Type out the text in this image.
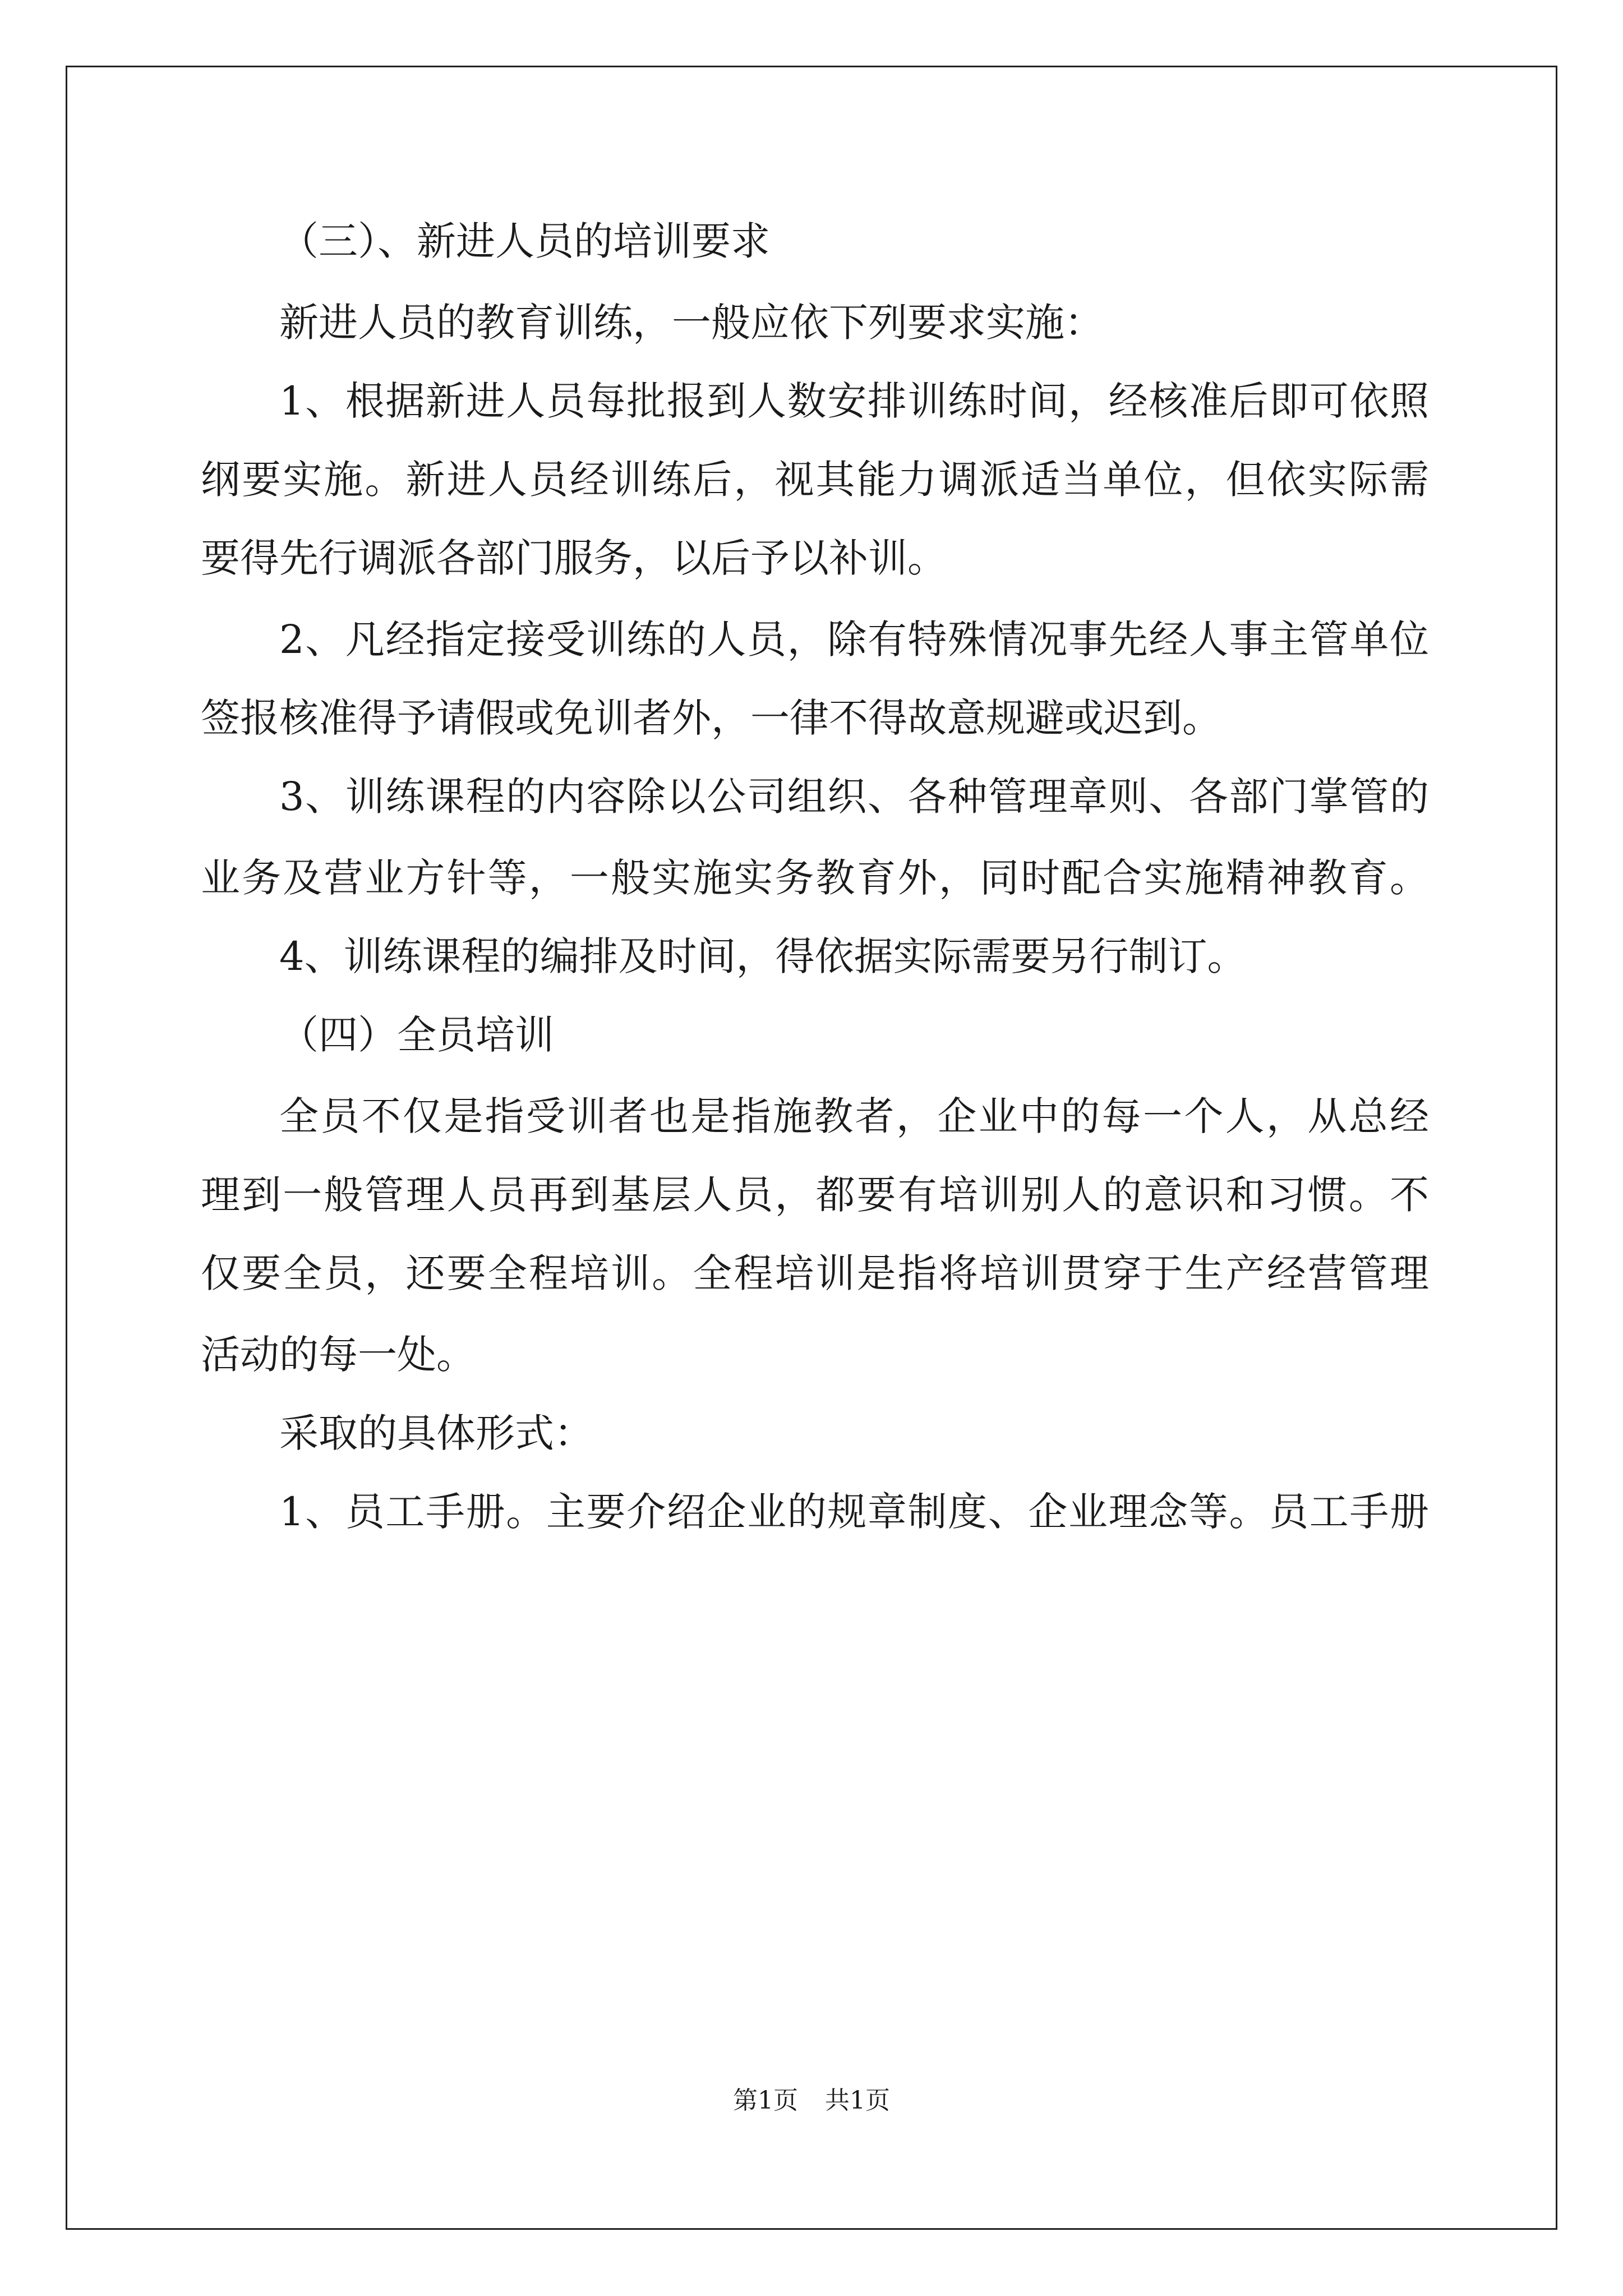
（三）、新进人员的培训要求
新进人员的教育训练，一般应依下列要求实施：
1、根据新进人员每批报到人数安排训练时间，经核准后即可依照
纲要实施。新进人员经训练后，视其能力调派适当单位，但依实际需
要得先行调派各部门服务，以后予以补训。
2、凡经指定接受训练的人员，除有特殊情况事先经人事主管单位
签报核准得予请假或免训者外，一律不得故意规避或迟到。
3、训练课程的内容除以公司组织、各种管理章则、各部门掌管的
业务及营业方针等，一般实施实务教育外，同时配合实施精神教育。
4、训练课程的编排及时间，得依据实际需要另行制订。
（四）全员培训
全员不仅是指受训者也是指施教者，企业中的每一个人，从总经
理到一般管理人员再到基层人员，都要有培训别人的意识和习惯。不
仅要全员，还要全程培训。全程培训是指将培训贯穿于生产经营管理
活动的每一处。
采取的具体形式：
1、员工手册。主要介绍企业的规章制度、企业理念等。员工手册
第1页 共1页
